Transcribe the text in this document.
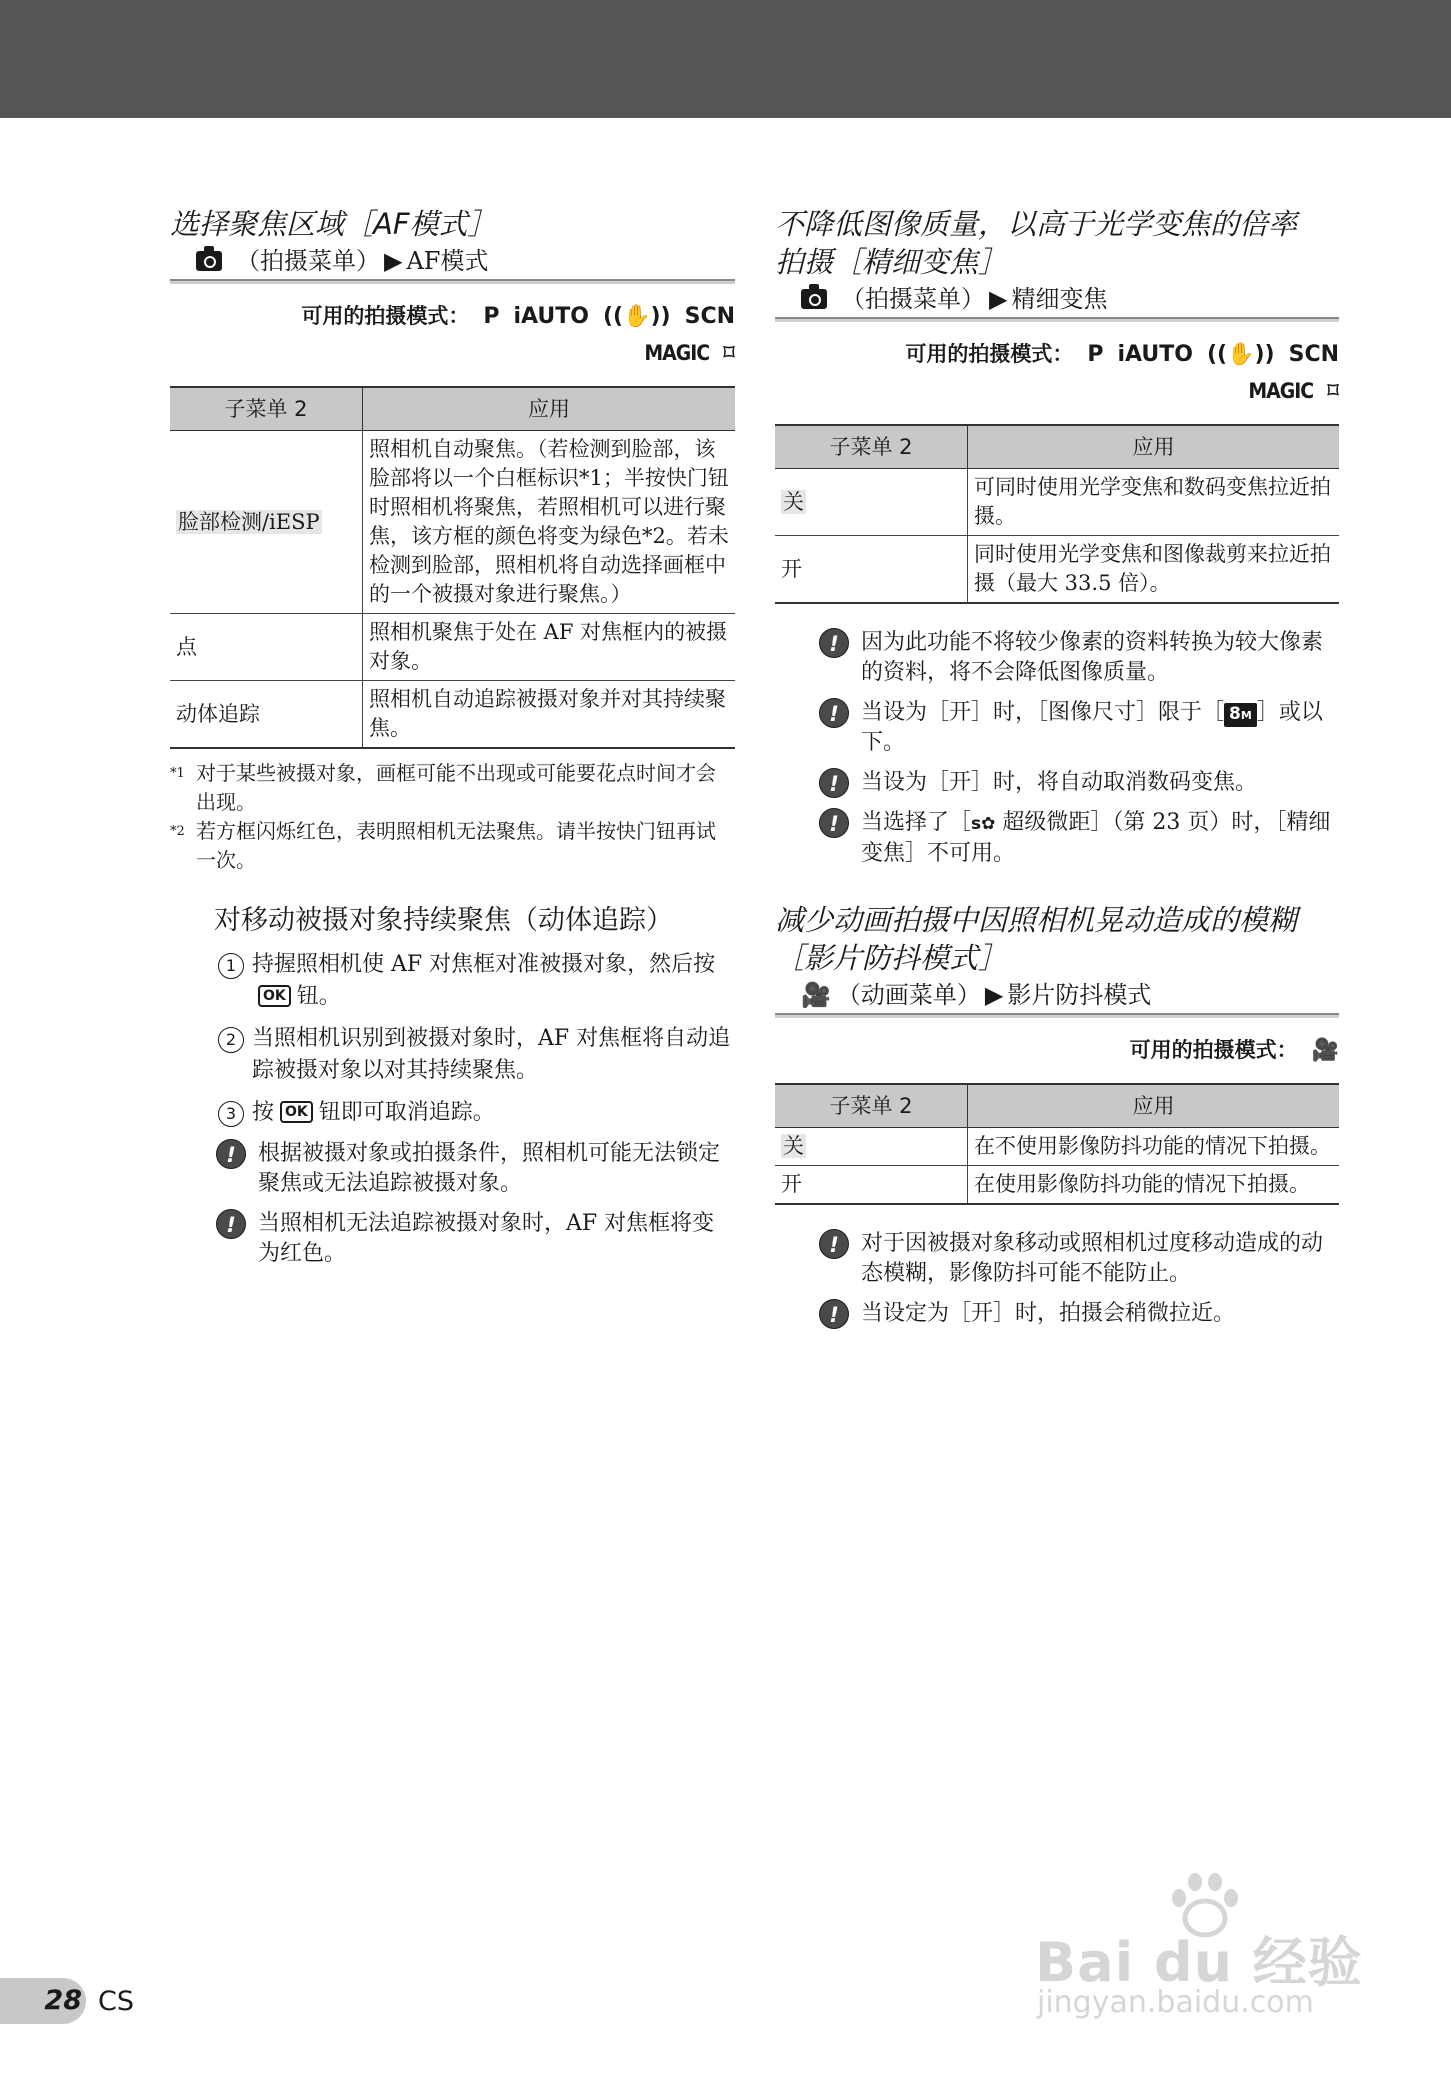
选择聚焦区域［AF模式］
（拍摄菜单） ▶ AF模式
可用的拍摄模式： P iAUTO ((✋)) SCN
MAGIC ⌑
子菜单 2	应用
脸部检测/iESP	照相机自动聚焦。（若检测到脸部，该脸部将以一个白框标识*1；半按快门钮时照相机将聚焦，若照相机可以进行聚焦，该方框的颜色将变为绿色*2。若未检测到脸部，照相机将自动选择画框中的一个被摄对象进行聚焦。）
点	照相机聚焦于处在 AF 对焦框内的被摄对象。
动体追踪	照相机自动追踪被摄对象并对其持续聚焦。
*1 对于某些被摄对象，画框可能不出现或可能要花点时间才会出现。
*2 若方框闪烁红色，表明照相机无法聚焦。请半按快门钮再试一次。
对移动被摄对象持续聚焦（动体追踪）
1 持握照相机使 AF 对焦框对准被摄对象，然后按OK 钮。
2 当照相机识别到被摄对象时，AF 对焦框将自动追踪被摄对象以对其持续聚焦。
3 按 OK 钮即可取消追踪。
!	根据被摄对象或拍摄条件，照相机可能无法锁定聚焦或无法追踪被摄对象。
!	当照相机无法追踪被摄对象时，AF 对焦框将变为红色。
不降低图像质量，以高于光学变焦的倍率
拍摄［精细变焦］
（拍摄菜单） ▶ 精细变焦
可用的拍摄模式： P iAUTO ((✋)) SCN
MAGIC ⌑
子菜单 2	应用
关	可同时使用光学变焦和数码变焦拉近拍摄。
开	同时使用光学变焦和图像裁剪来拉近拍摄（最大 33.5 倍）。
!	因为此功能不将较少像素的资料转换为较大像素的资料，将不会降低图像质量。
!	当设为［开］时，［图像尺寸］限于［ 8M ］或以下。
!	当设为［开］时，将自动取消数码变焦。
!	当选择了［s✿ 超级微距］（第 23 页）时，［精细变焦］不可用。
减少动画拍摄中因照相机晃动造成的模糊
［影片防抖模式］
🎥 （动画菜单） ▶ 影片防抖模式
可用的拍摄模式： 🎥
子菜单 2	应用
关	在不使用影像防抖功能的情况下拍摄。
开	在使用影像防抖功能的情况下拍摄。
!	对于因被摄对象移动或照相机过度移动造成的动态模糊，影像防抖可能不能防止。
!	当设定为［开］时，拍摄会稍微拉近。
28 CS
Bai du 经验
jingyan.baidu.com
